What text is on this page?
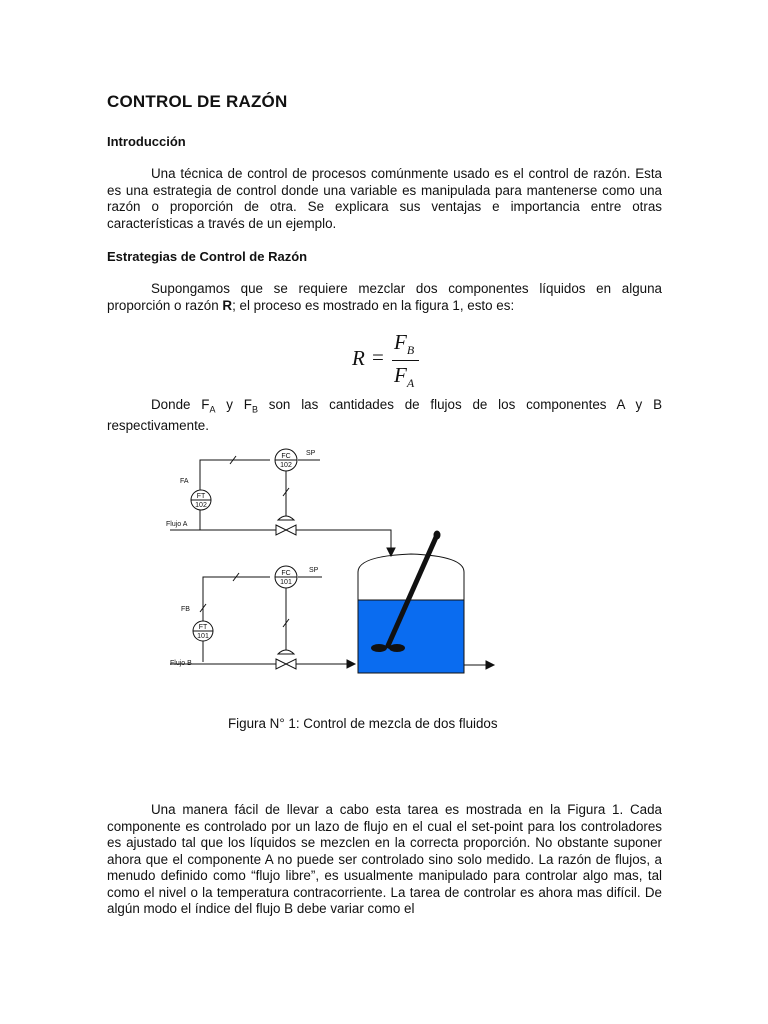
CONTROL DE RAZÓN
Introducción

Una técnica de control de procesos comúnmente usado es el control de razón. Esta es una estrategia de control donde una variable es manipulada para mantenerse como una razón o proporción de otra. Se explicara sus ventajas e importancia entre otras características a través de un ejemplo.

Estrategias de Control de Razón

Supongamos que se requiere mezclar dos componentes líquidos en alguna proporción o razón R; el proceso es mostrado en la figura 1, esto es:

R =
$F_B$
$F_A$

Donde $F_A$ y $F_B$ son las cantidades de flujos de los componentes A y B respectivamente.

FC
102
SP
FA
FT
102
Flujo A
FC
101
SP
FB
FT
101
Flujo B
Figura N° 1: Control de mezcla de dos fluidos

Una manera fácil de llevar a cabo esta tarea es mostrada en la Figura 1. Cada componente es controlado por un lazo de flujo en el cual el set-point para los controladores es ajustado tal que los líquidos se mezclen en la correcta proporción. No obstante suponer ahora que el componente A no puede ser controlado sino solo medido. La razón de flujos, a menudo definido como “flujo libre”, es usualmente manipulado para controlar algo mas, tal como el nivel o la temperatura contracorriente. La tarea de controlar es ahora mas difícil. De algún modo el índice del flujo B debe variar como el
